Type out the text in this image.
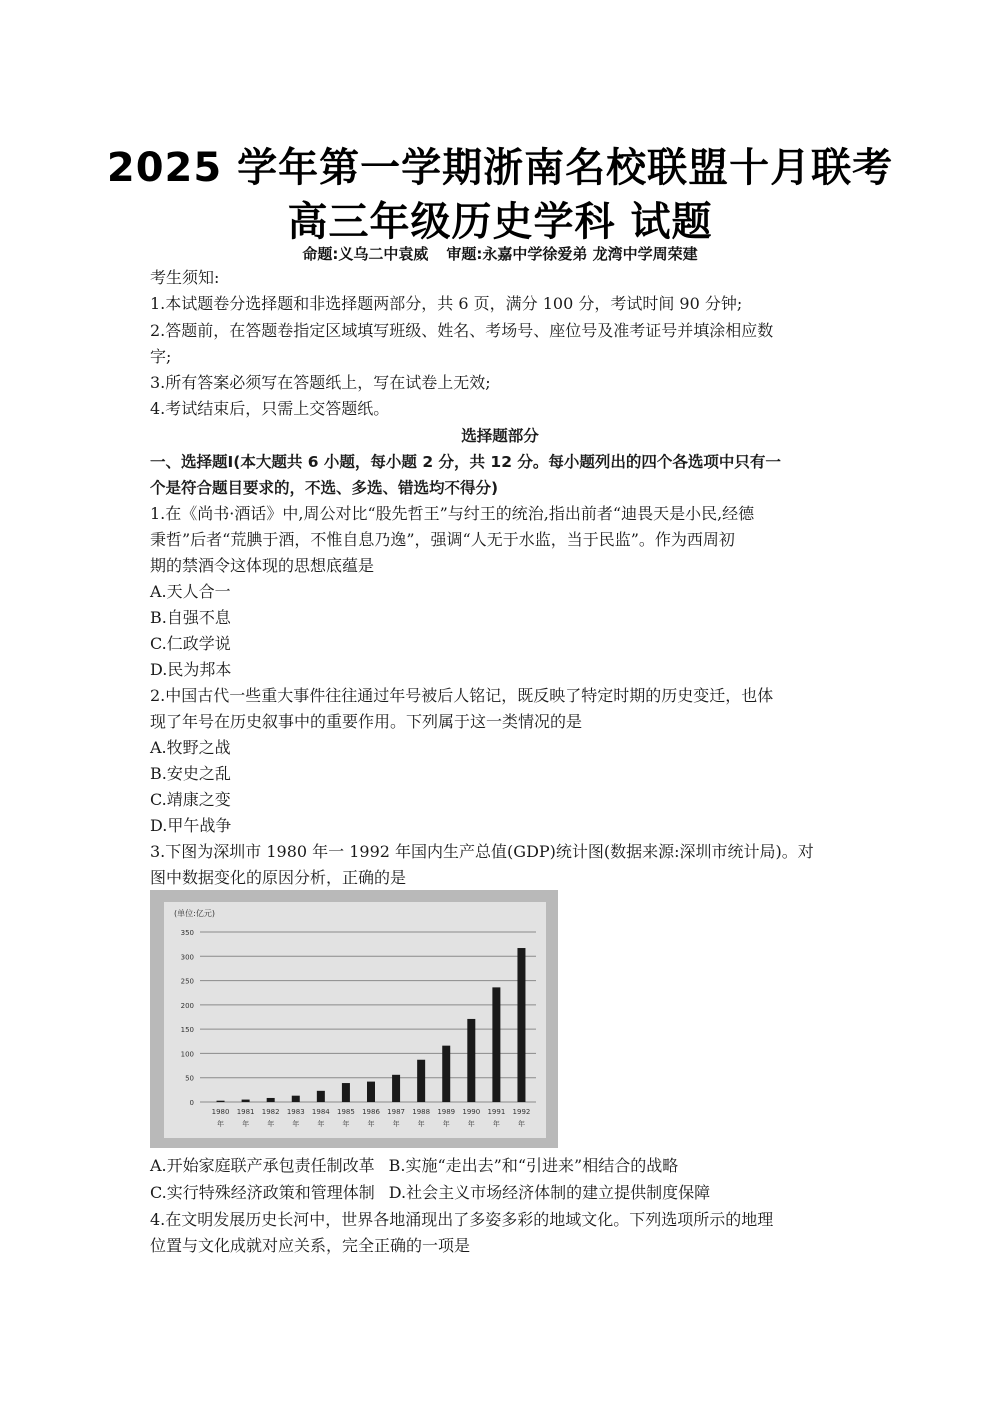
2025 学年第一学期浙南名校联盟十月联考
高三年级历史学科 试题
命题:义乌二中袁威 审题:永嘉中学徐爱弟 龙湾中学周荣建
考生须知:
1.本试题卷分选择题和非选择题两部分，共 6 页，满分 100 分，考试时间 90 分钟;
2.答题前，在答题卷指定区域填写班级、姓名、考场号、座位号及准考证号并填涂相应数
字;
3.所有答案必须写在答题纸上，写在试卷上无效;
4.考试结束后，只需上交答题纸。
选择题部分
一、选择题Ⅰ(本大题共 6 小题，每小题 2 分，共 12 分。每小题列出的四个各选项中只有一
个是符合题目要求的，不选、多选、错选均不得分)
1.在《尚书·酒话》中,周公对比“股先哲王”与纣王的统治,指出前者“迪畏天是小民,经德
秉哲”后者“荒腆于酒，不惟自息乃逸”，强调“人无于水监，当于民监”。作为西周初
期的禁酒令这体现的思想底蕴是
A.天人合一
B.自强不息
C.仁政学说
D.民为邦本
2.中国古代一些重大事件往往通过年号被后人铭记，既反映了特定时期的历史变迁，也体
现了年号在历史叙事中的重要作用。下列属于这一类情况的是
A.牧野之战
B.安史之乱
C.靖康之变
D.甲午战争
3.下图为深圳市 1980 年一 1992 年国内生产总值(GDP)统计图(数据来源:深圳市统计局)。对
图中数据变化的原因分析，正确的是
(单位:亿元)
0
50
100
150
200
250
300
350
1980
年
1981
年
1982
年
1983
年
1984
年
1985
年
1986
年
1987
年
1988
年
1989
年
1990
年
1991
年
1992
年
A.开始家庭联产承包责任制改革 B.实施“走出去”和“引进来”相结合的战略
C.实行特殊经济政策和管理体制 D.社会主义市场经济体制的建立提供制度保障
4.在文明发展历史长河中，世界各地涌现出了多姿多彩的地域文化。下列选项所示的地理
位置与文化成就对应关系，完全正确的一项是
